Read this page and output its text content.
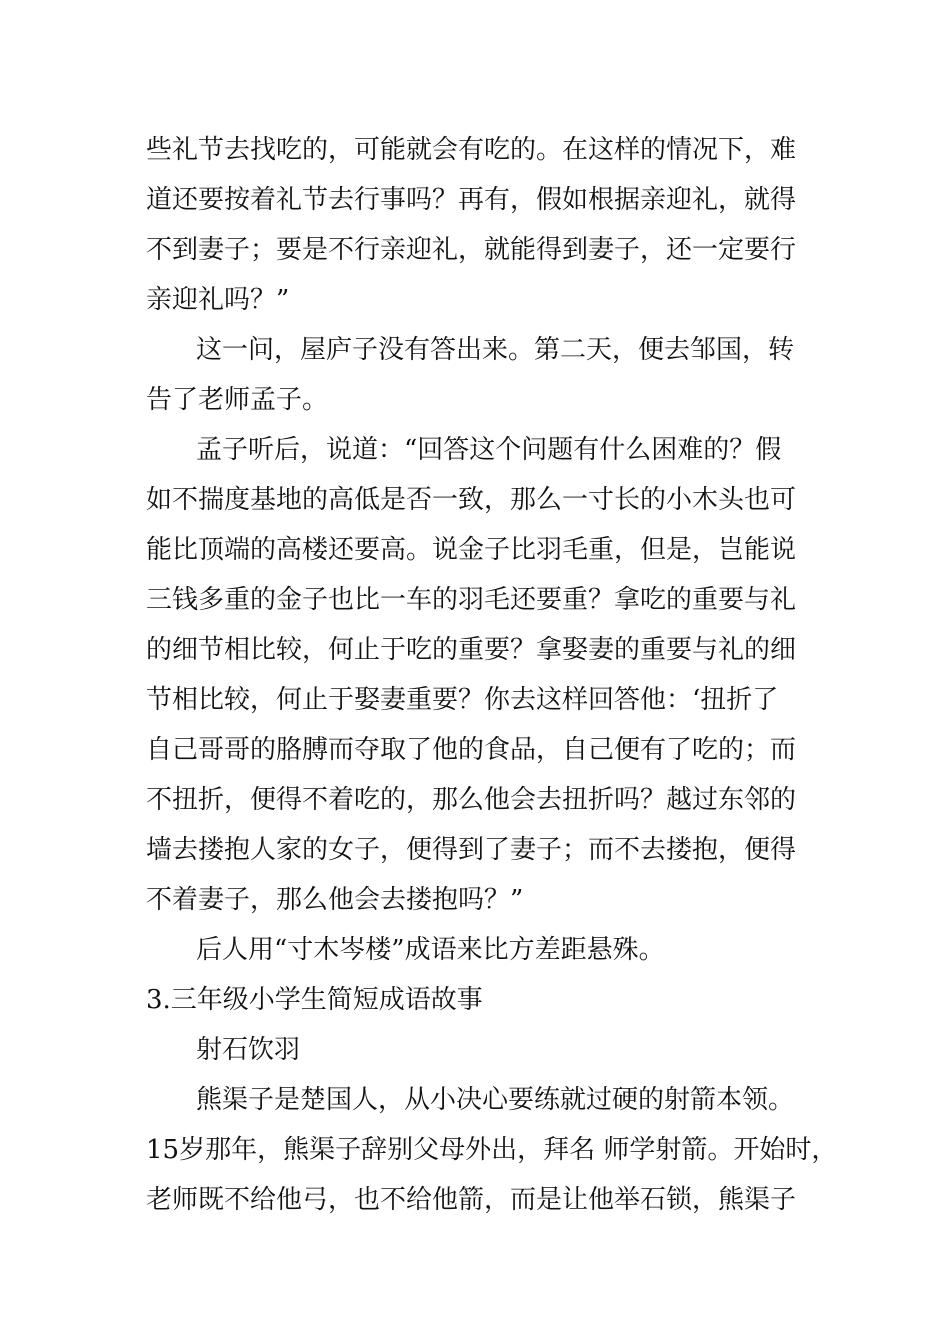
些礼节去找吃的，可能就会有吃的。在这样的情况下，难
道还要按着礼节去行事吗？再有，假如根据亲迎礼，就得
不到妻子；要是不行亲迎礼，就能得到妻子，还一定要行
亲迎礼吗？”
这一问，屋庐子没有答出来。第二天，便去邹国，转
告了老师孟子。
孟子听后，说道：“回答这个问题有什么困难的？假
如不揣度基地的高低是否一致，那么一寸长的小木头也可
能比顶端的高楼还要高。说金子比羽毛重，但是，岂能说
三钱多重的金子也比一车的羽毛还要重？拿吃的重要与礼
的细节相比较，何止于吃的重要？拿娶妻的重要与礼的细
节相比较，何止于娶妻重要？你去这样回答他：‘扭折了
自己哥哥的胳膊而夺取了他的食品，自己便有了吃的；而
不扭折，便得不着吃的，那么他会去扭折吗？越过东邻的
墙去搂抱人家的女子，便得到了妻子；而不去搂抱，便得
不着妻子，那么他会去搂抱吗？”
后人用“寸木岑楼”成语来比方差距悬殊。
3.三年级小学生简短成语故事
射石饮羽
熊渠子是楚国人，从小决心要练就过硬的射箭本领。
15岁那年，熊渠子辞别父母外出，拜名 师学射箭。开始时，
老师既不给他弓，也不给他箭，而是让他举石锁，熊渠子
